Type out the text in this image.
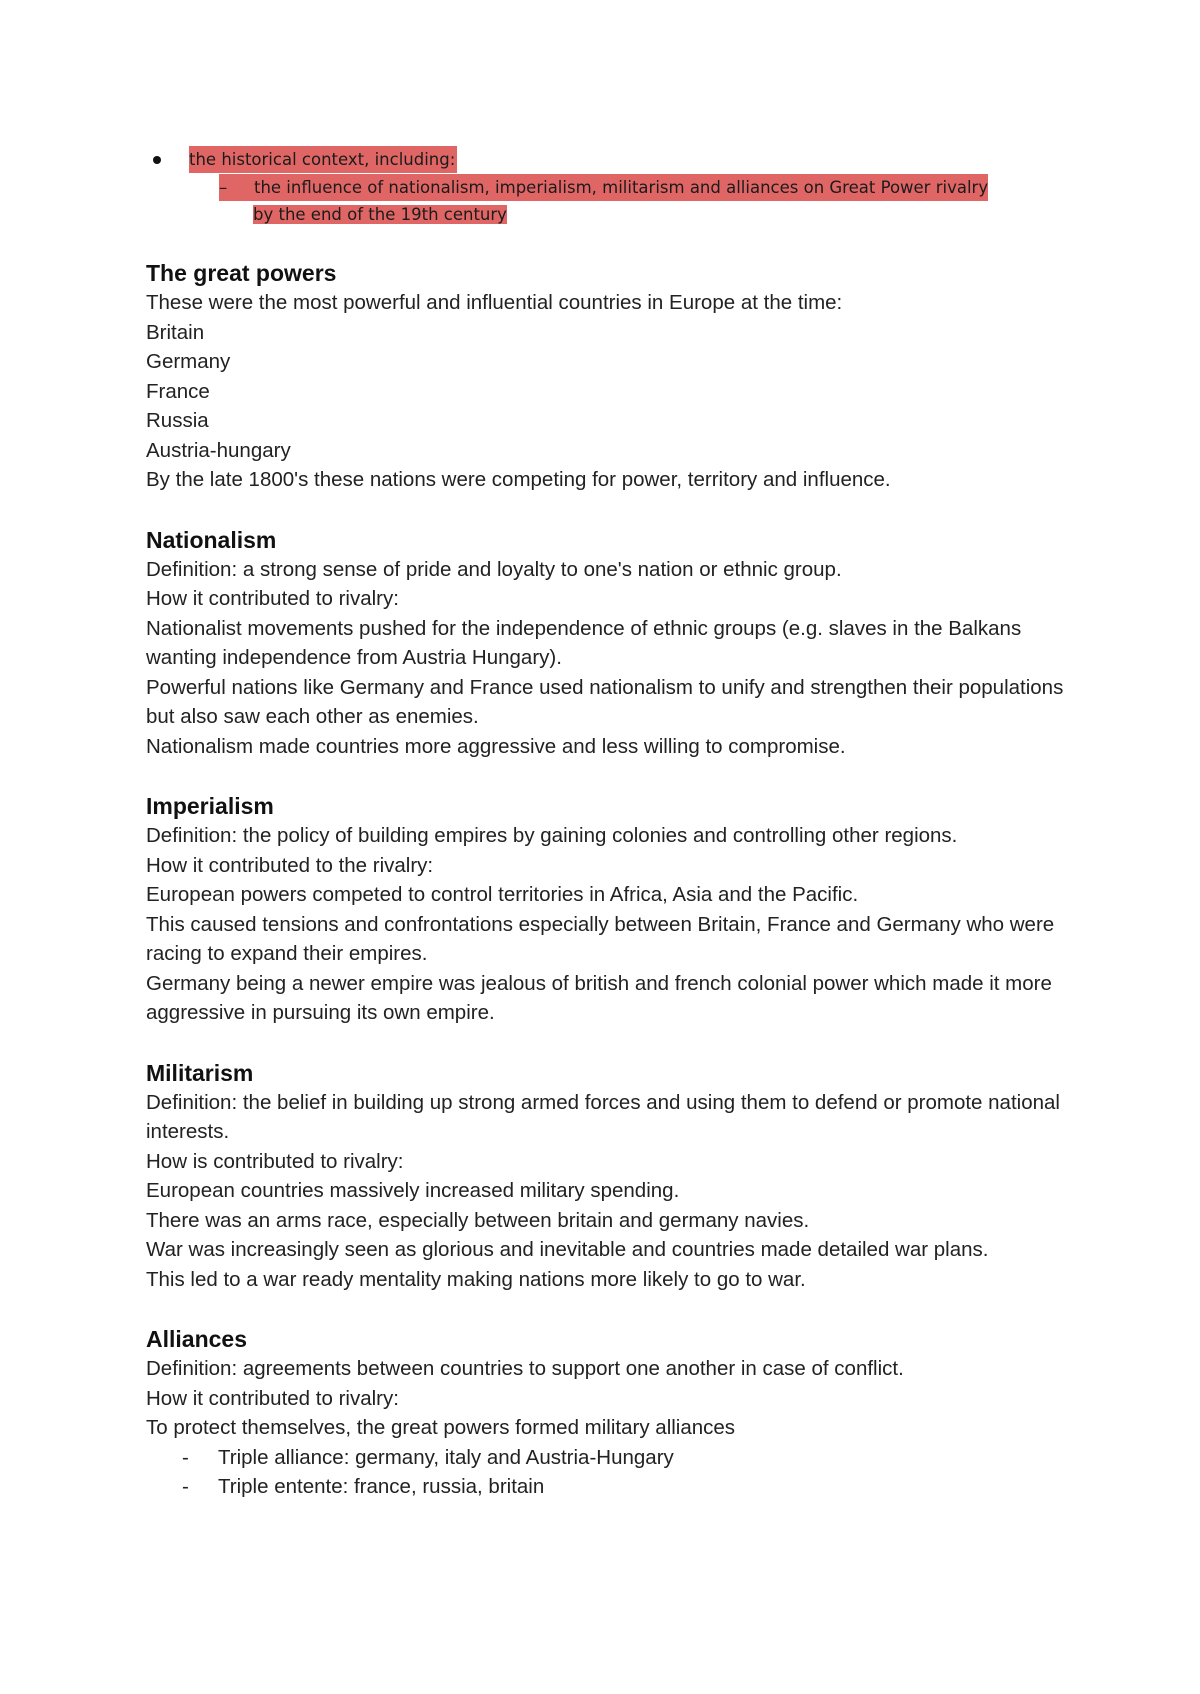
the historical context, including:
– the influence of nationalism, imperialism, militarism and alliances on Great Power rivalry
by the end of the 19th century
The great powers

These were the most powerful and influential countries in Europe at the time:

Britain

Germany

France

Russia

Austria-hungary

By the late 1800's these nations were competing for power, territory and influence.

Nationalism

Definition: a strong sense of pride and loyalty to one's nation or ethnic group.

How it contributed to rivalry:

Nationalist movements pushed for the independence of ethnic groups (e.g. slaves in the Balkans wanting independence from Austria Hungary).

Powerful nations like Germany and France used nationalism to unify and strengthen their populations but also saw each other as enemies.

Nationalism made countries more aggressive and less willing to compromise.

Imperialism

Definition: the policy of building empires by gaining colonies and controlling other regions.

How it contributed to the rivalry:

European powers competed to control territories in Africa, Asia and the Pacific.

This caused tensions and confrontations especially between Britain, France and Germany who were racing to expand their empires.

Germany being a newer empire was jealous of british and french colonial power which made it more aggressive in pursuing its own empire.

Militarism

Definition: the belief in building up strong armed forces and using them to defend or promote national interests.

How is contributed to rivalry:

European countries massively increased military spending.

There was an arms race, especially between britain and germany navies.

War was increasingly seen as glorious and inevitable and countries made detailed war plans.

This led to a war ready mentality making nations more likely to go to war.

Alliances

Definition: agreements between countries to support one another in case of conflict.

How it contributed to rivalry:

To protect themselves, the great powers formed military alliances

-	Triple alliance: germany, italy and Austria-Hungary
-	Triple entente: france, russia, britain
